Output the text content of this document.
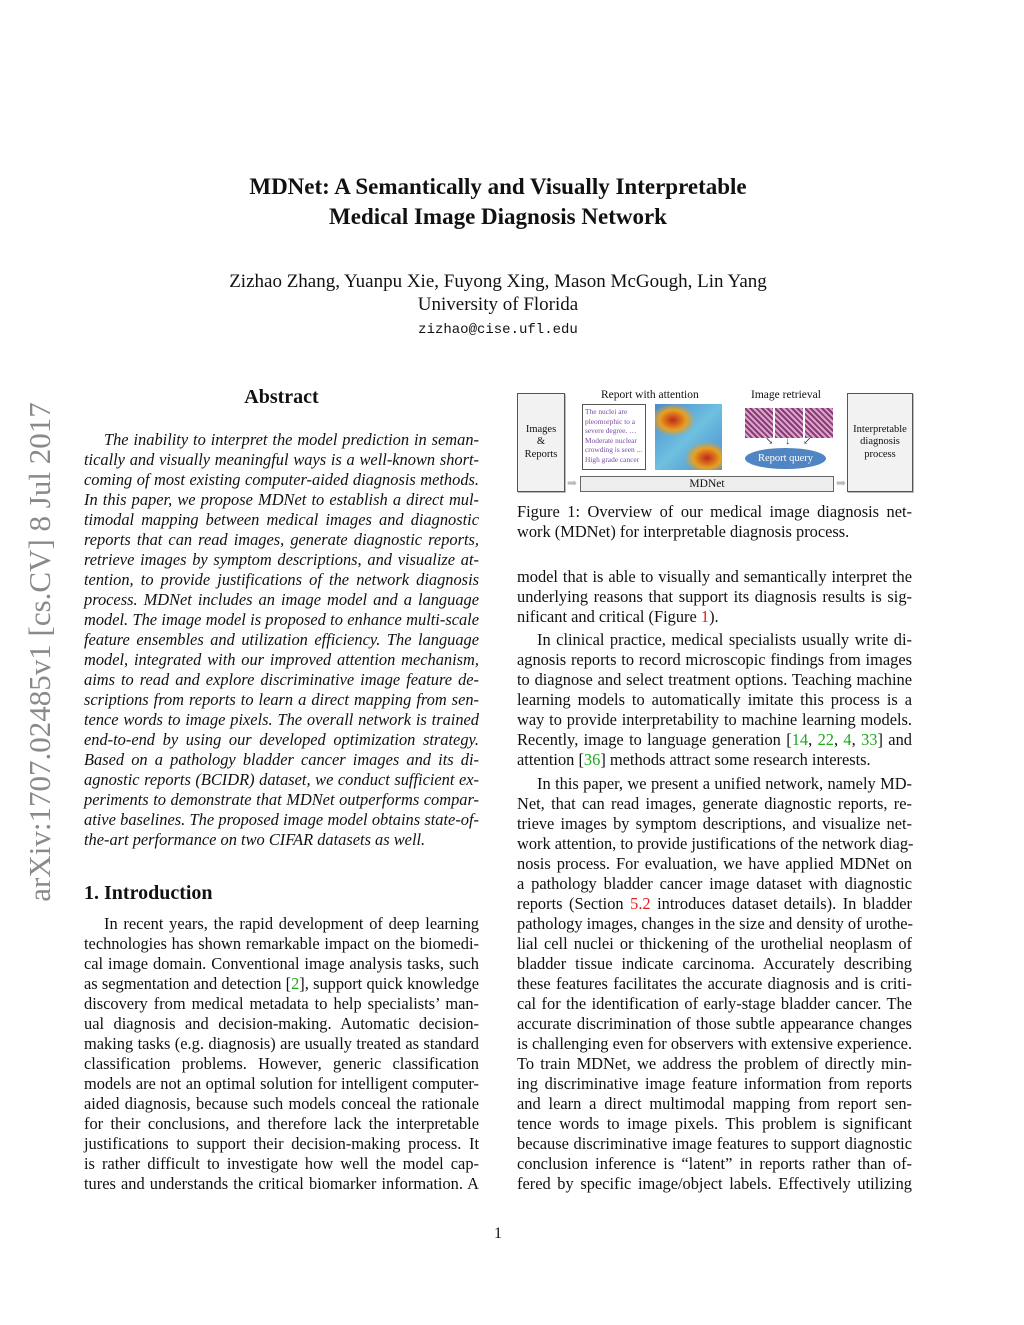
arXiv:1707.02485v1 [cs.CV] 8 Jul 2017
MDNet: A Semantically and Visually Interpretable
Medical Image Diagnosis Network
Zizhao Zhang, Yuanpu Xie, Fuyong Xing, Mason McGough, Lin Yang
University of Florida
zizhao@cise.ufl.edu
Abstract
The inability to interpret the model prediction in seman-
tically and visually meaningful ways is a well-known short-
coming of most existing computer-aided diagnosis methods.
In this paper, we propose MDNet to establish a direct mul-
timodal mapping between medical images and diagnostic
reports that can read images, generate diagnostic reports,
retrieve images by symptom descriptions, and visualize at-
tention, to provide justifications of the network diagnosis
process. MDNet includes an image model and a language
model. The image model is proposed to enhance multi-scale
feature ensembles and utilization efficiency. The language
model, integrated with our improved attention mechanism,
aims to read and explore discriminative image feature de-
scriptions from reports to learn a direct mapping from sen-
tence words to image pixels. The overall network is trained
end-to-end by using our developed optimization strategy.
Based on a pathology bladder cancer images and its di-
agnostic reports (BCIDR) dataset, we conduct sufficient ex-
periments to demonstrate that MDNet outperforms compar-
ative baselines. The proposed image model obtains state-of-
the-art performance on two CIFAR datasets as well.
1. Introduction
In recent years, the rapid development of deep learning
technologies has shown remarkable impact on the biomedi-
cal image domain. Conventional image analysis tasks, such
as segmentation and detection [2], support quick knowledge
discovery from medical metadata to help specialists’ man-
ual diagnosis and decision-making. Automatic decision-
making tasks (e.g. diagnosis) are usually treated as standard
classification problems. However, generic classification
models are not an optimal solution for intelligent computer-
aided diagnosis, because such models conceal the rationale
for their conclusions, and therefore lack the interpretable
justifications to support their decision-making process. It
is rather difficult to investigate how well the model cap-
tures and understands the critical biomarker information. A
Images
&
Reports
Report with attention	Image retrieval
The nuclei are
pleomorphic to a
severe degree. …
Moderate nuclear
crowding is seen ...
High grade cancer
↘ ↓ ↙
Report query
➡	MDNet	➡
Interpretable
diagnosis
process
Figure 1: Overview of our medical image diagnosis net-
work (MDNet) for interpretable diagnosis process.
model that is able to visually and semantically interpret the
underlying reasons that support its diagnosis results is sig-
nificant and critical (Figure 1).
In clinical practice, medical specialists usually write di-
agnosis reports to record microscopic findings from images
to diagnose and select treatment options. Teaching machine
learning models to automatically imitate this process is a
way to provide interpretability to machine learning models.
Recently, image to language generation [14, 22, 4, 33] and
attention [36] methods attract some research interests.
In this paper, we present a unified network, namely MD-
Net, that can read images, generate diagnostic reports, re-
trieve images by symptom descriptions, and visualize net-
work attention, to provide justifications of the network diag-
nosis process. For evaluation, we have applied MDNet on
a pathology bladder cancer image dataset with diagnostic
reports (Section 5.2 introduces dataset details). In bladder
pathology images, changes in the size and density of urothe-
lial cell nuclei or thickening of the urothelial neoplasm of
bladder tissue indicate carcinoma. Accurately describing
these features facilitates the accurate diagnosis and is criti-
cal for the identification of early-stage bladder cancer. The
accurate discrimination of those subtle appearance changes
is challenging even for observers with extensive experience.
To train MDNet, we address the problem of directly min-
ing discriminative image feature information from reports
and learn a direct multimodal mapping from report sen-
tence words to image pixels. This problem is significant
because discriminative image features to support diagnostic
conclusion inference is “latent” in reports rather than of-
fered by specific image/object labels. Effectively utilizing
1
